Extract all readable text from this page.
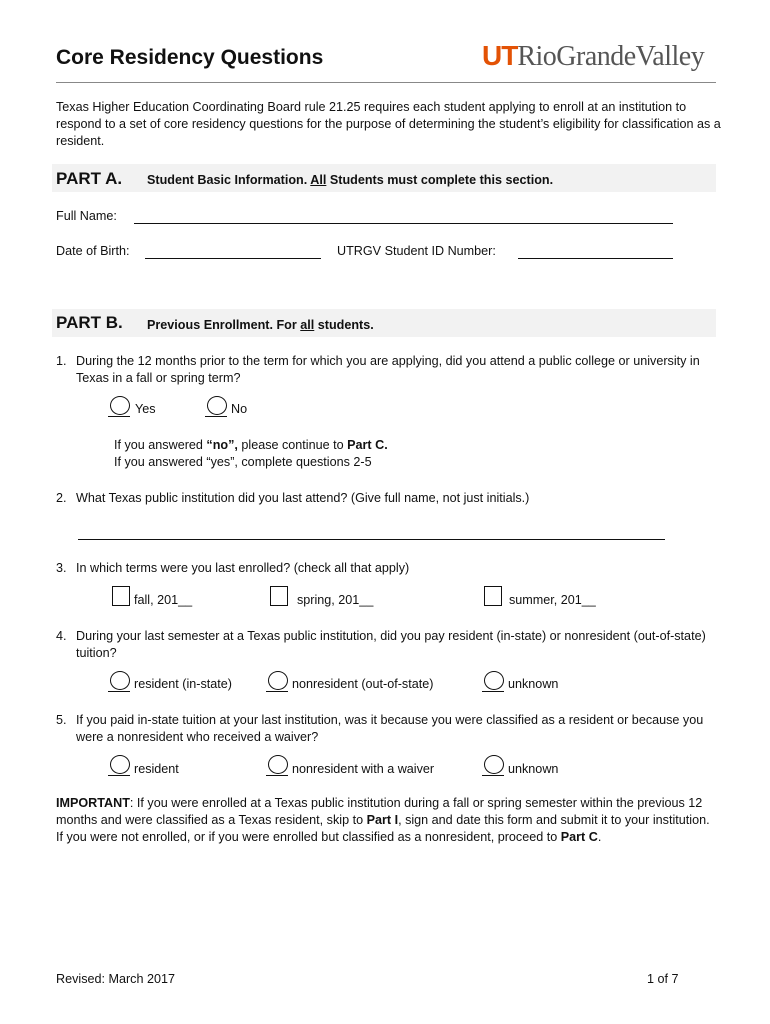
Core Residency Questions	UTRioGrandeValley
Texas Higher Education Coordinating Board rule 21.25 requires each student applying to enroll at an institution to respond to a set of core residency questions for the purpose of determining the student’s eligibility for classification as a resident.
PART A. Student Basic Information. All Students must complete this section.
Full Name:
Date of Birth:	UTRGV Student ID Number:
PART B. Previous Enrollment. For all students.
1. During the 12 months prior to the term for which you are applying, did you attend a public college or university in Texas in a fall or spring term?
Yes	No
If you answered “no”, please continue to Part C.
If you answered “yes”, complete questions 2-5
2. What Texas public institution did you last attend? (Give full name, not just initials.)
3. In which terms were you last enrolled? (check all that apply)
fall, 201__	spring, 201__	summer, 201__
4. During your last semester at a Texas public institution, did you pay resident (in-state) or nonresident (out-of-state) tuition?
resident (in-state)	nonresident (out-of-state)	unknown
5. If you paid in-state tuition at your last institution, was it because you were classified as a resident or because you were a nonresident who received a waiver?
resident	nonresident with a waiver	unknown
IMPORTANT: If you were enrolled at a Texas public institution during a fall or spring semester within the previous 12 months and were classified as a Texas resident, skip to Part I, sign and date this form and submit it to your institution. If you were not enrolled, or if you were enrolled but classified as a nonresident, proceed to Part C.
Revised: March 2017	1 of 7
